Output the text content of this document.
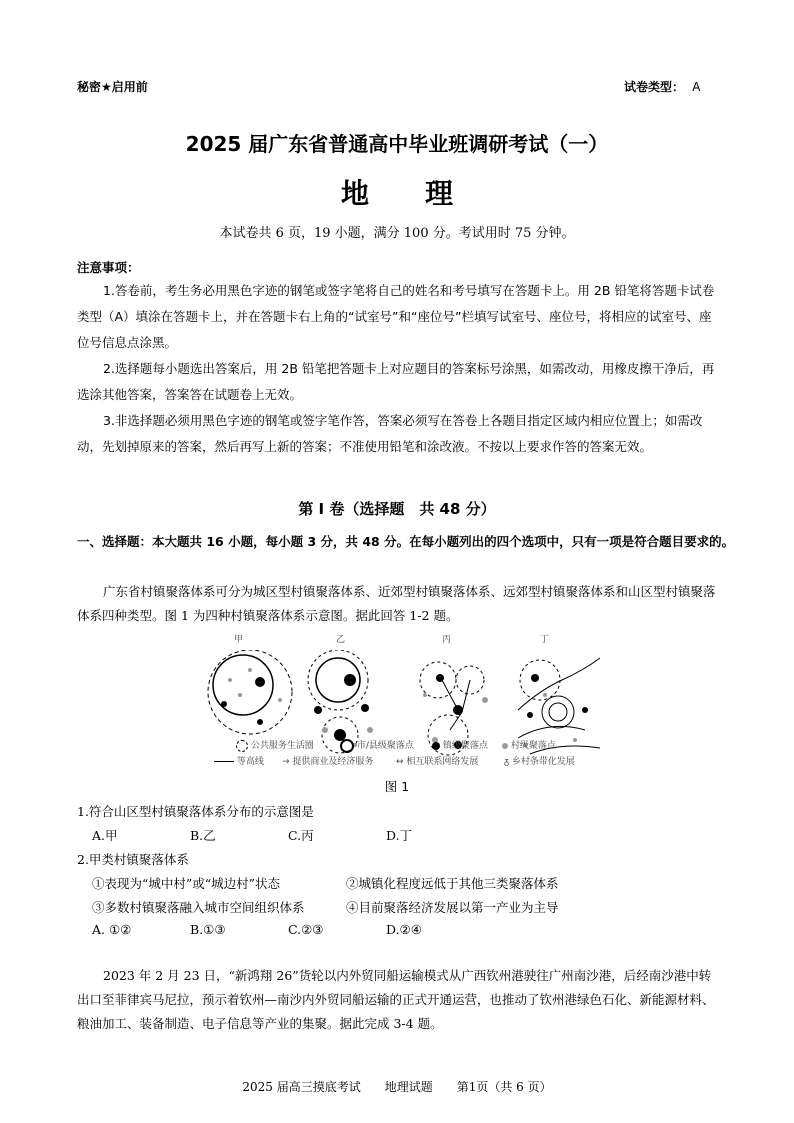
秘密★启用前	试卷类型： A
2025 届广东省普通高中毕业班调研考试（一）
地　　理
本试卷共 6 页，19 小题，满分 100 分。考试用时 75 分钟。
注意事项：
1.答卷前，考生务必用黑色字迹的钢笔或签字笔将自己的姓名和考号填写在答题卡上。用 2B 铅笔将答题卡试卷类型（A）填涂在答题卡上，并在答题卡右上角的“试室号”和“座位号”栏填写试室号、座位号，将相应的试室号、座位号信息点涂黑。
2.选择题每小题选出答案后，用 2B 铅笔把答题卡上对应题目的答案标号涂黑，如需改动，用橡皮擦干净后，再选涂其他答案，答案答在试题卷上无效。
3.非选择题必须用黑色字迹的钢笔或签字笔作答，答案必须写在答卷上各题目指定区域内相应位置上；如需改动，先划掉原来的答案，然后再写上新的答案；不准使用铅笔和涂改液。不按以上要求作答的答案无效。
第 I 卷（选择题　共 48 分）
一、选择题：本大题共 16 小题，每小题 3 分，共 48 分。在每小题列出的四个选项中，只有一项是符合题目要求的。
广东省村镇聚落体系可分为城区型村镇聚落体系、近郊型村镇聚落体系、远郊型村镇聚落体系和山区型村镇聚落体系四种类型。图 1 为四种村镇聚落体系示意图。据此回答 1-2 题。
甲	乙	丙	丁
公共服务生活圈	市/县级聚落点	镇级聚落点	村级聚落点
等高线 → 提供商业及经济服务	↔ 相互联系网络发展	ᵹ 乡村条带化发展
图 1
1.符合山区型村镇聚落体系分布的示意图是
A.甲	B.乙	C.丙	D.丁
2.甲类村镇聚落体系
①表现为“城中村”或“城边村”状态	②城镇化程度远低于其他三类聚落体系
③多数村镇聚落融入城市空间组织体系	④目前聚落经济发展以第一产业为主导
A. ①②	B.①③	C.②③	D.②④
2023 年 2 月 23 日，“新鸿翔 26”货轮以内外贸同船运输模式从广西钦州港驶往广州南沙港，后经南沙港中转出口至菲律宾马尼拉，预示着钦州—南沙内外贸同船运输的正式开通运营，也推动了钦州港绿色石化、新能源材料、粮油加工、装备制造、电子信息等产业的集聚。据此完成 3-4 题。
2025 届高三摸底考试　　地理试题　　第1页（共 6 页）
